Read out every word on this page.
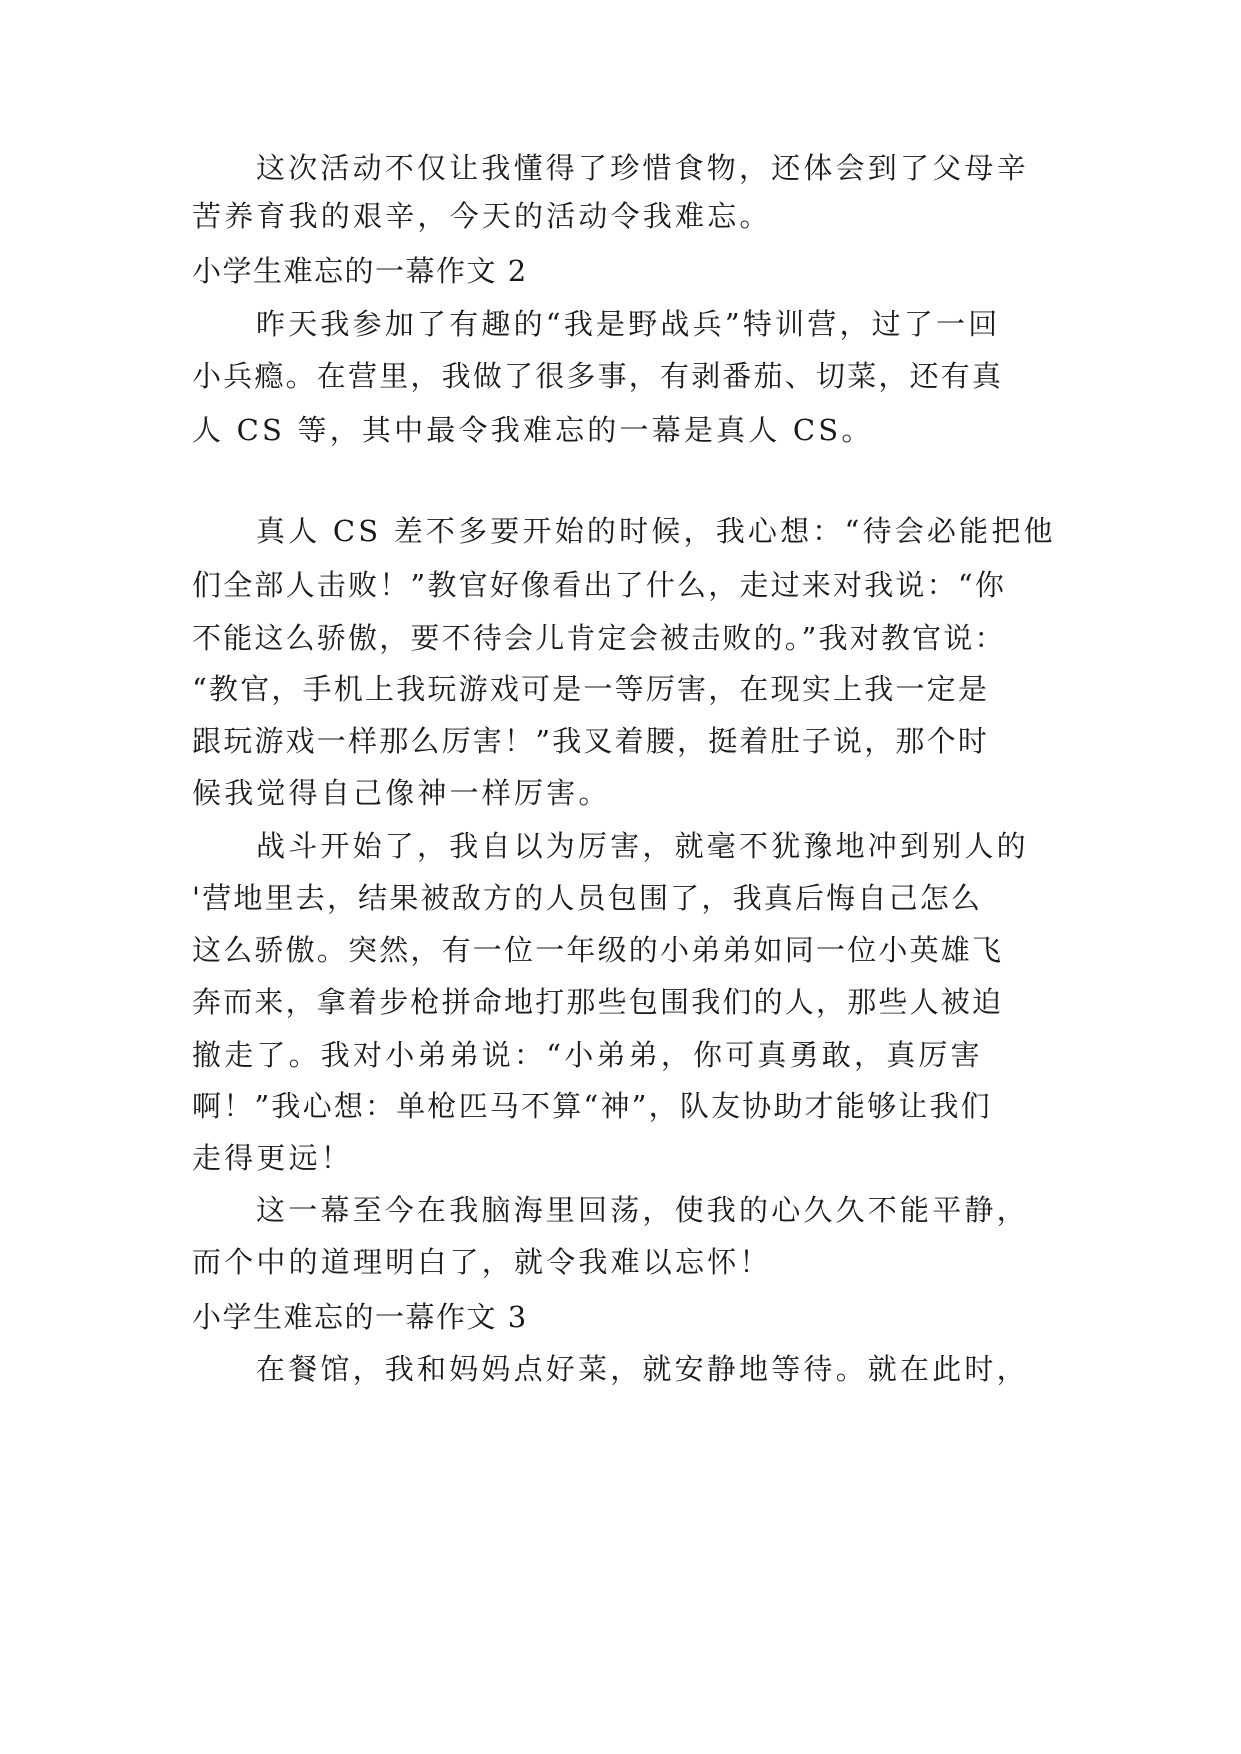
这次活动不仅让我懂得了珍惜食物，还体会到了父母辛
苦养育我的艰辛，今天的活动令我难忘。
小学生难忘的一幕作文 2
昨天我参加了有趣的“我是野战兵”特训营，过了一回
小兵瘾。在营里，我做了很多事，有剥番茄、切菜，还有真
人 CS 等，其中最令我难忘的一幕是真人 CS。
真人 CS 差不多要开始的时候，我心想：“待会必能把他
们全部人击败！”教官好像看出了什么，走过来对我说：“你
不能这么骄傲，要不待会儿肯定会被击败的。”我对教官说：
“教官，手机上我玩游戏可是一等厉害，在现实上我一定是
跟玩游戏一样那么厉害！”我叉着腰，挺着肚子说，那个时
候我觉得自己像神一样厉害。
战斗开始了，我自以为厉害，就毫不犹豫地冲到别人的
'营地里去，结果被敌方的人员包围了，我真后悔自己怎么
这么骄傲。突然，有一位一年级的小弟弟如同一位小英雄飞
奔而来，拿着步枪拼命地打那些包围我们的人，那些人被迫
撤走了。我对小弟弟说：“小弟弟，你可真勇敢，真厉害
啊！”我心想：单枪匹马不算“神”，队友协助才能够让我们
走得更远！
这一幕至今在我脑海里回荡，使我的心久久不能平静，
而个中的道理明白了，就令我难以忘怀！
小学生难忘的一幕作文 3
在餐馆，我和妈妈点好菜，就安静地等待。就在此时，
